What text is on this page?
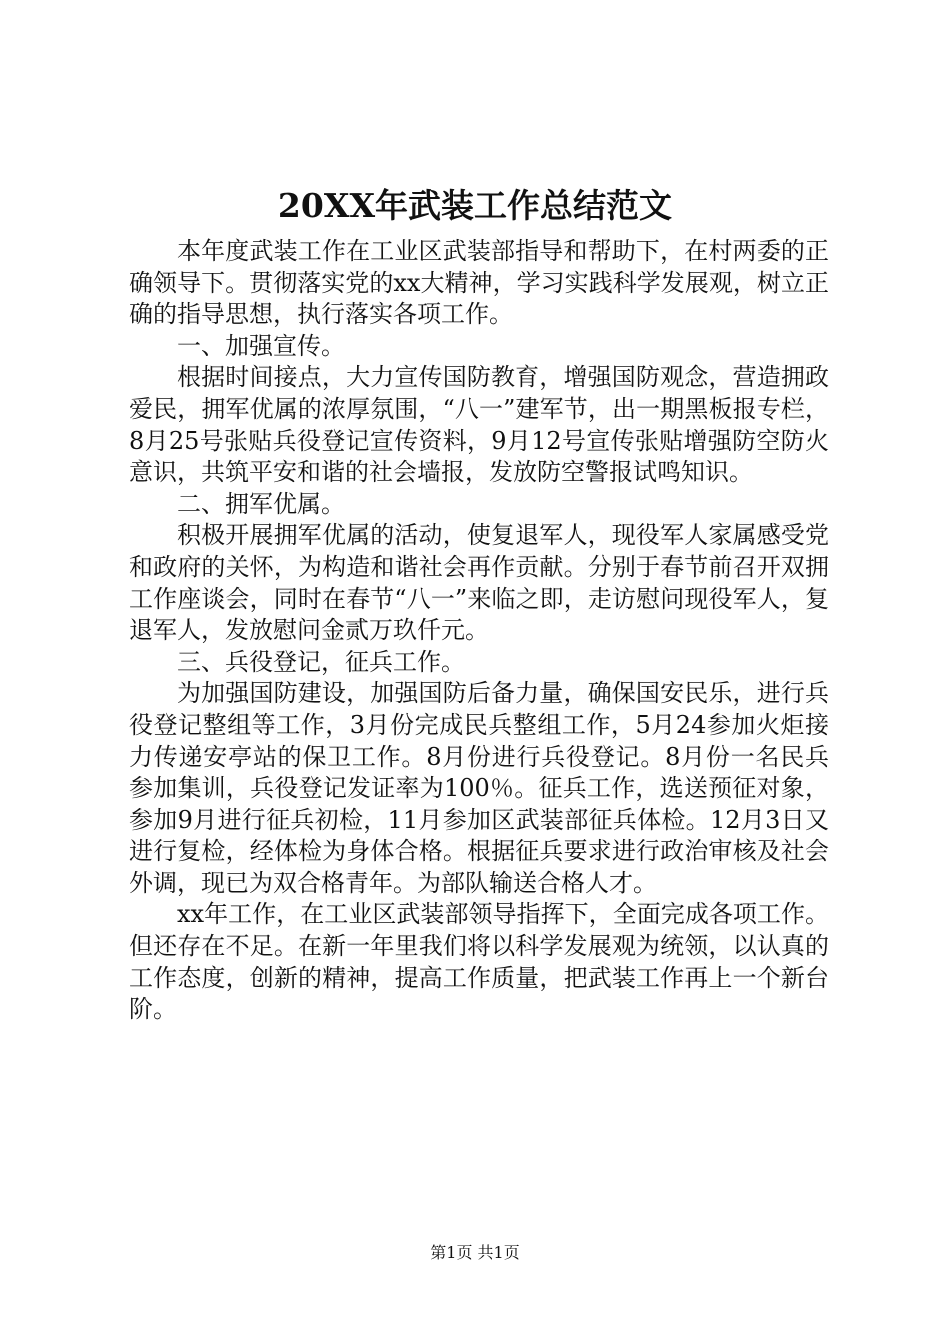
20XX年武装工作总结范文

本年度武装工作在工业区武装部指导和帮助下，在村两委的正确领导下。贯彻落实党的xx大精神，学习实践科学发展观，树立正确的指导思想，执行落实各项工作。

一、加强宣传。

根据时间接点，大力宣传国防教育，增强国防观念，营造拥政爱民，拥军优属的浓厚氛围，“八一”建军节，出一期黑板报专栏，8月25号张贴兵役登记宣传资料，9月12号宣传张贴增强防空防火意识，共筑平安和谐的社会墙报，发放防空警报试鸣知识。

二、拥军优属。

积极开展拥军优属的活动，使复退军人，现役军人家属感受党和政府的关怀，为构造和谐社会再作贡献。分别于春节前召开双拥工作座谈会，同时在春节“八一”来临之即，走访慰问现役军人，复退军人，发放慰问金贰万玖仟元。

三、兵役登记，征兵工作。

为加强国防建设，加强国防后备力量，确保国安民乐，进行兵役登记整组等工作，3月份完成民兵整组工作，5月24参加火炬接力传递安亭站的保卫工作。8月份进行兵役登记。8月份一名民兵参加集训，兵役登记发证率为100％。征兵工作，选送预征对象，参加9月进行征兵初检，11月参加区武装部征兵体检。12月3日又进行复检，经体检为身体合格。根据征兵要求进行政治审核及社会外调，现已为双合格青年。为部队输送合格人才。

xx年工作，在工业区武装部领导指挥下，全面完成各项工作。但还存在不足。在新一年里我们将以科学发展观为统领，以认真的工作态度，创新的精神，提高工作质量，把武装工作再上一个新台阶。

第1页 共1页
